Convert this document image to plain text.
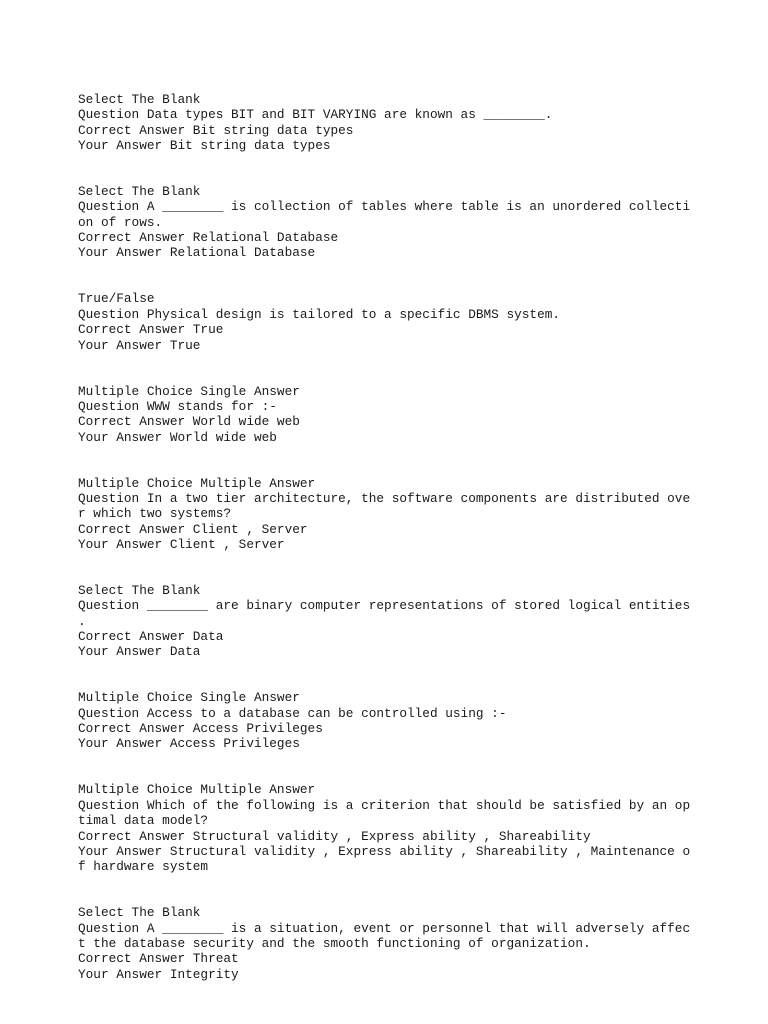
Select The Blank
Question Data types BIT and BIT VARYING are known as ________.
Correct Answer Bit string data types
Your Answer Bit string data types
Select The Blank
Question A ________ is collection of tables where table is an unordered collecti
on of rows.
Correct Answer Relational Database
Your Answer Relational Database
True/False
Question Physical design is tailored to a specific DBMS system.
Correct Answer True
Your Answer True
Multiple Choice Single Answer
Question WWW stands for :-
Correct Answer World wide web
Your Answer World wide web
Multiple Choice Multiple Answer
Question In a two tier architecture, the software components are distributed ove
r which two systems?
Correct Answer Client , Server
Your Answer Client , Server
Select The Blank
Question ________ are binary computer representations of stored logical entities
.
Correct Answer Data
Your Answer Data
Multiple Choice Single Answer
Question Access to a database can be controlled using :-
Correct Answer Access Privileges
Your Answer Access Privileges
Multiple Choice Multiple Answer
Question Which of the following is a criterion that should be satisfied by an op
timal data model?
Correct Answer Structural validity , Express ability , Shareability
Your Answer Structural validity , Express ability , Shareability , Maintenance o
f hardware system
Select The Blank
Question A ________ is a situation, event or personnel that will adversely affec
t the database security and the smooth functioning of organization.
Correct Answer Threat
Your Answer Integrity
